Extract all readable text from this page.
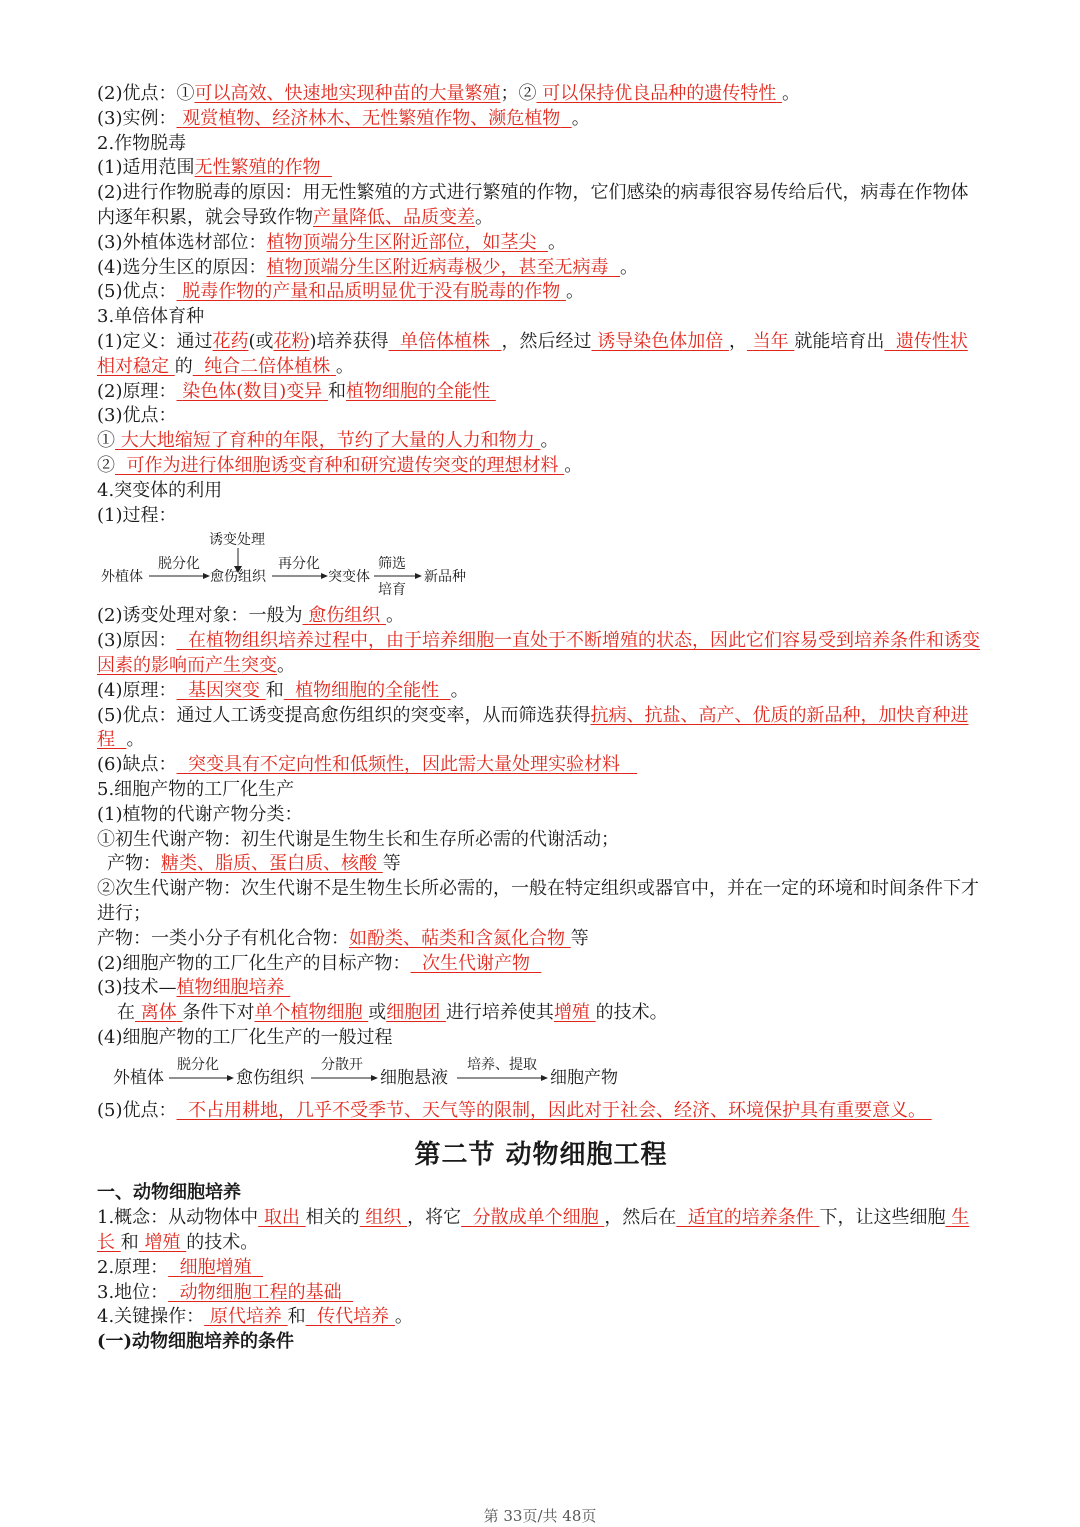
(2)优点：①可以高效、快速地实现种苗的大量繁殖；② 可以保持优良品种的遗传特性 。
(3)实例： 观赏植物、经济林木、无性繁殖作物、濒危植物 。
2.作物脱毒
(1)适用范围无性繁殖的作物
(2)进行作物脱毒的原因：用无性繁殖的方式进行繁殖的作物，它们感染的病毒很容易传给后代，病毒在作物体内逐年积累，就会导致作物产量降低、品质变差。
(3)外植体选材部位：植物顶端分生区附近部位，如茎尖 。
(4)选分生区的原因：植物顶端分生区附近病毒极少，甚至无病毒 。
(5)优点： 脱毒作物的产量和品质明显优于没有脱毒的作物 。
3.单倍体育种
(1)定义：通过花药(或花粉)培养获得 单倍体植株 ，然后经过 诱导染色体加倍 ， 当年 就能培育出 遗传性状相对稳定 的 纯合二倍体植株 。
(2)原理： 染色体(数目)变异 和植物细胞的全能性
(3)优点：
① 大大地缩短了育种的年限，节约了大量的人力和物力 。
② 可作为进行体细胞诱变育种和研究遗传突变的理想材料 。
4.突变体的利用
(1)过程：
诱变处理
外植体
脱分化
愈伤组织
再分化
突变体
筛选
培育
新品种
(2)诱变处理对象：一般为 愈伤组织 。
(3)原因： 在植物组织培养过程中，由于培养细胞一直处于不断增殖的状态，因此它们容易受到培养条件和诱变因素的影响而产生突变。
(4)原理： 基因突变 和 植物细胞的全能性 。
(5)优点：通过人工诱变提高愈伤组织的突变率，从而筛选获得抗病、抗盐、高产、优质的新品种，加快育种进程 。
(6)缺点： 突变具有不定向性和低频性，因此需大量处理实验材料
5.细胞产物的工厂化生产
(1)植物的代谢产物分类：
①初生代谢产物：初生代谢是生物生长和生存所必需的代谢活动；
产物：糖类、脂质、蛋白质、核酸 等
②次生代谢产物：次生代谢不是生物生长所必需的，一般在特定组织或器官中，并在一定的环境和时间条件下才进行；
产物：一类小分子有机化合物：如酚类、萜类和含氮化合物 等
(2)细胞产物的工厂化生产的目标产物： 次生代谢产物
(3)技术—植物细胞培养
在 离体 条件下对单个植物细胞 或细胞团 进行培养使其增殖 的技术。
(4)细胞产物的工厂化生产的一般过程
外植体
脱分化
愈伤组织
分散开
细胞悬液
培养、提取
细胞产物
(5)优点： 不占用耕地，几乎不受季节、天气等的限制，因此对于社会、经济、环境保护具有重要意义。
第二节 动物细胞工程
一、动物细胞培养
1.概念：从动物体中 取出 相关的 组织 ，将它 分散成单个细胞 ，然后在 适宜的培养条件 下，让这些细胞 生长 和 增殖 的技术。
2.原理： 细胞增殖
3.地位： 动物细胞工程的基础
4.关键操作： 原代培养 和 传代培养 。
(一)动物细胞培养的条件
第 33页/共 48页
